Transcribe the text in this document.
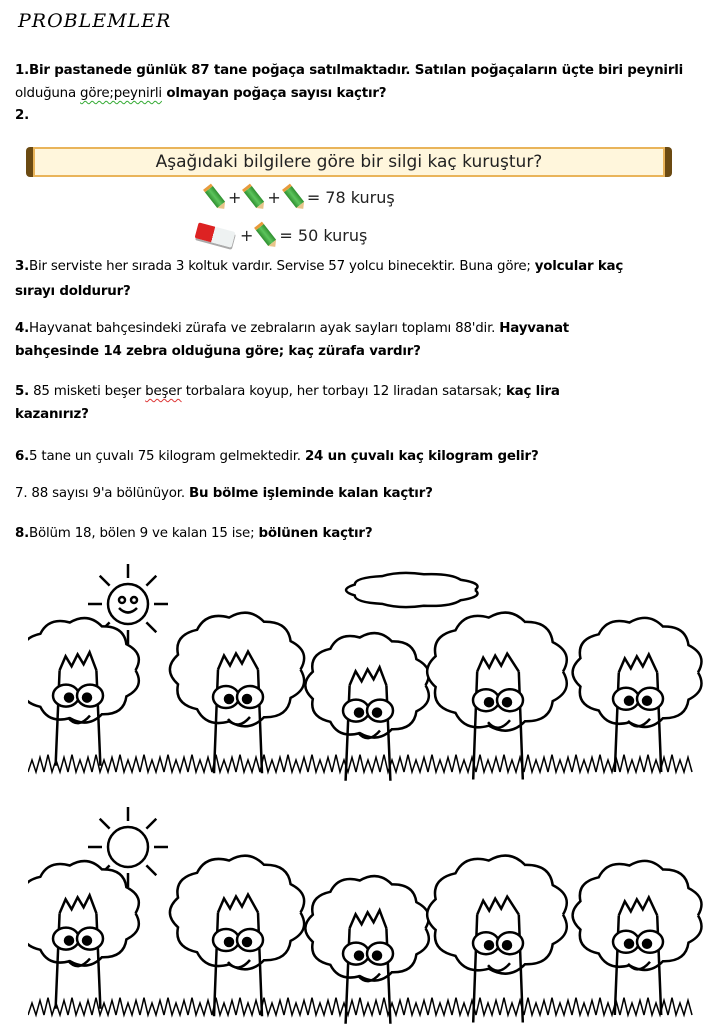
PROBLEMLER
1.Bir pastanede günlük 87 tane poğaça satılmaktadır. Satılan poğaçaların üçte biri peynirli
olduğuna göre;peynirli olmayan poğaça sayısı kaçtır?
2.
Aşağıdaki bilgilere göre bir silgi kaç kuruştur?
+ + = 78 kuruş
+ = 50 kuruş
3.Bir serviste her sırada 3 koltuk vardır. Servise 57 yolcu binecektir. Buna göre; yolcular kaç
sırayı doldurur?
4.Hayvanat bahçesindeki zürafa ve zebraların ayak sayları toplamı 88'dir. Hayvanat
bahçesinde 14 zebra olduğuna göre; kaç zürafa vardır?
5. 85 misketi beşer beşer torbalara koyup, her torbayı 12 liradan satarsak; kaç lira
kazanırız?
6.5 tane un çuvalı 75 kilogram gelmektedir. 24 un çuvalı kaç kilogram gelir?
7. 88 sayısı 9'a bölünüyor. Bu bölme işleminde kalan kaçtır?
8.Bölüm 18, bölen 9 ve kalan 15 ise; bölünen kaçtır?
